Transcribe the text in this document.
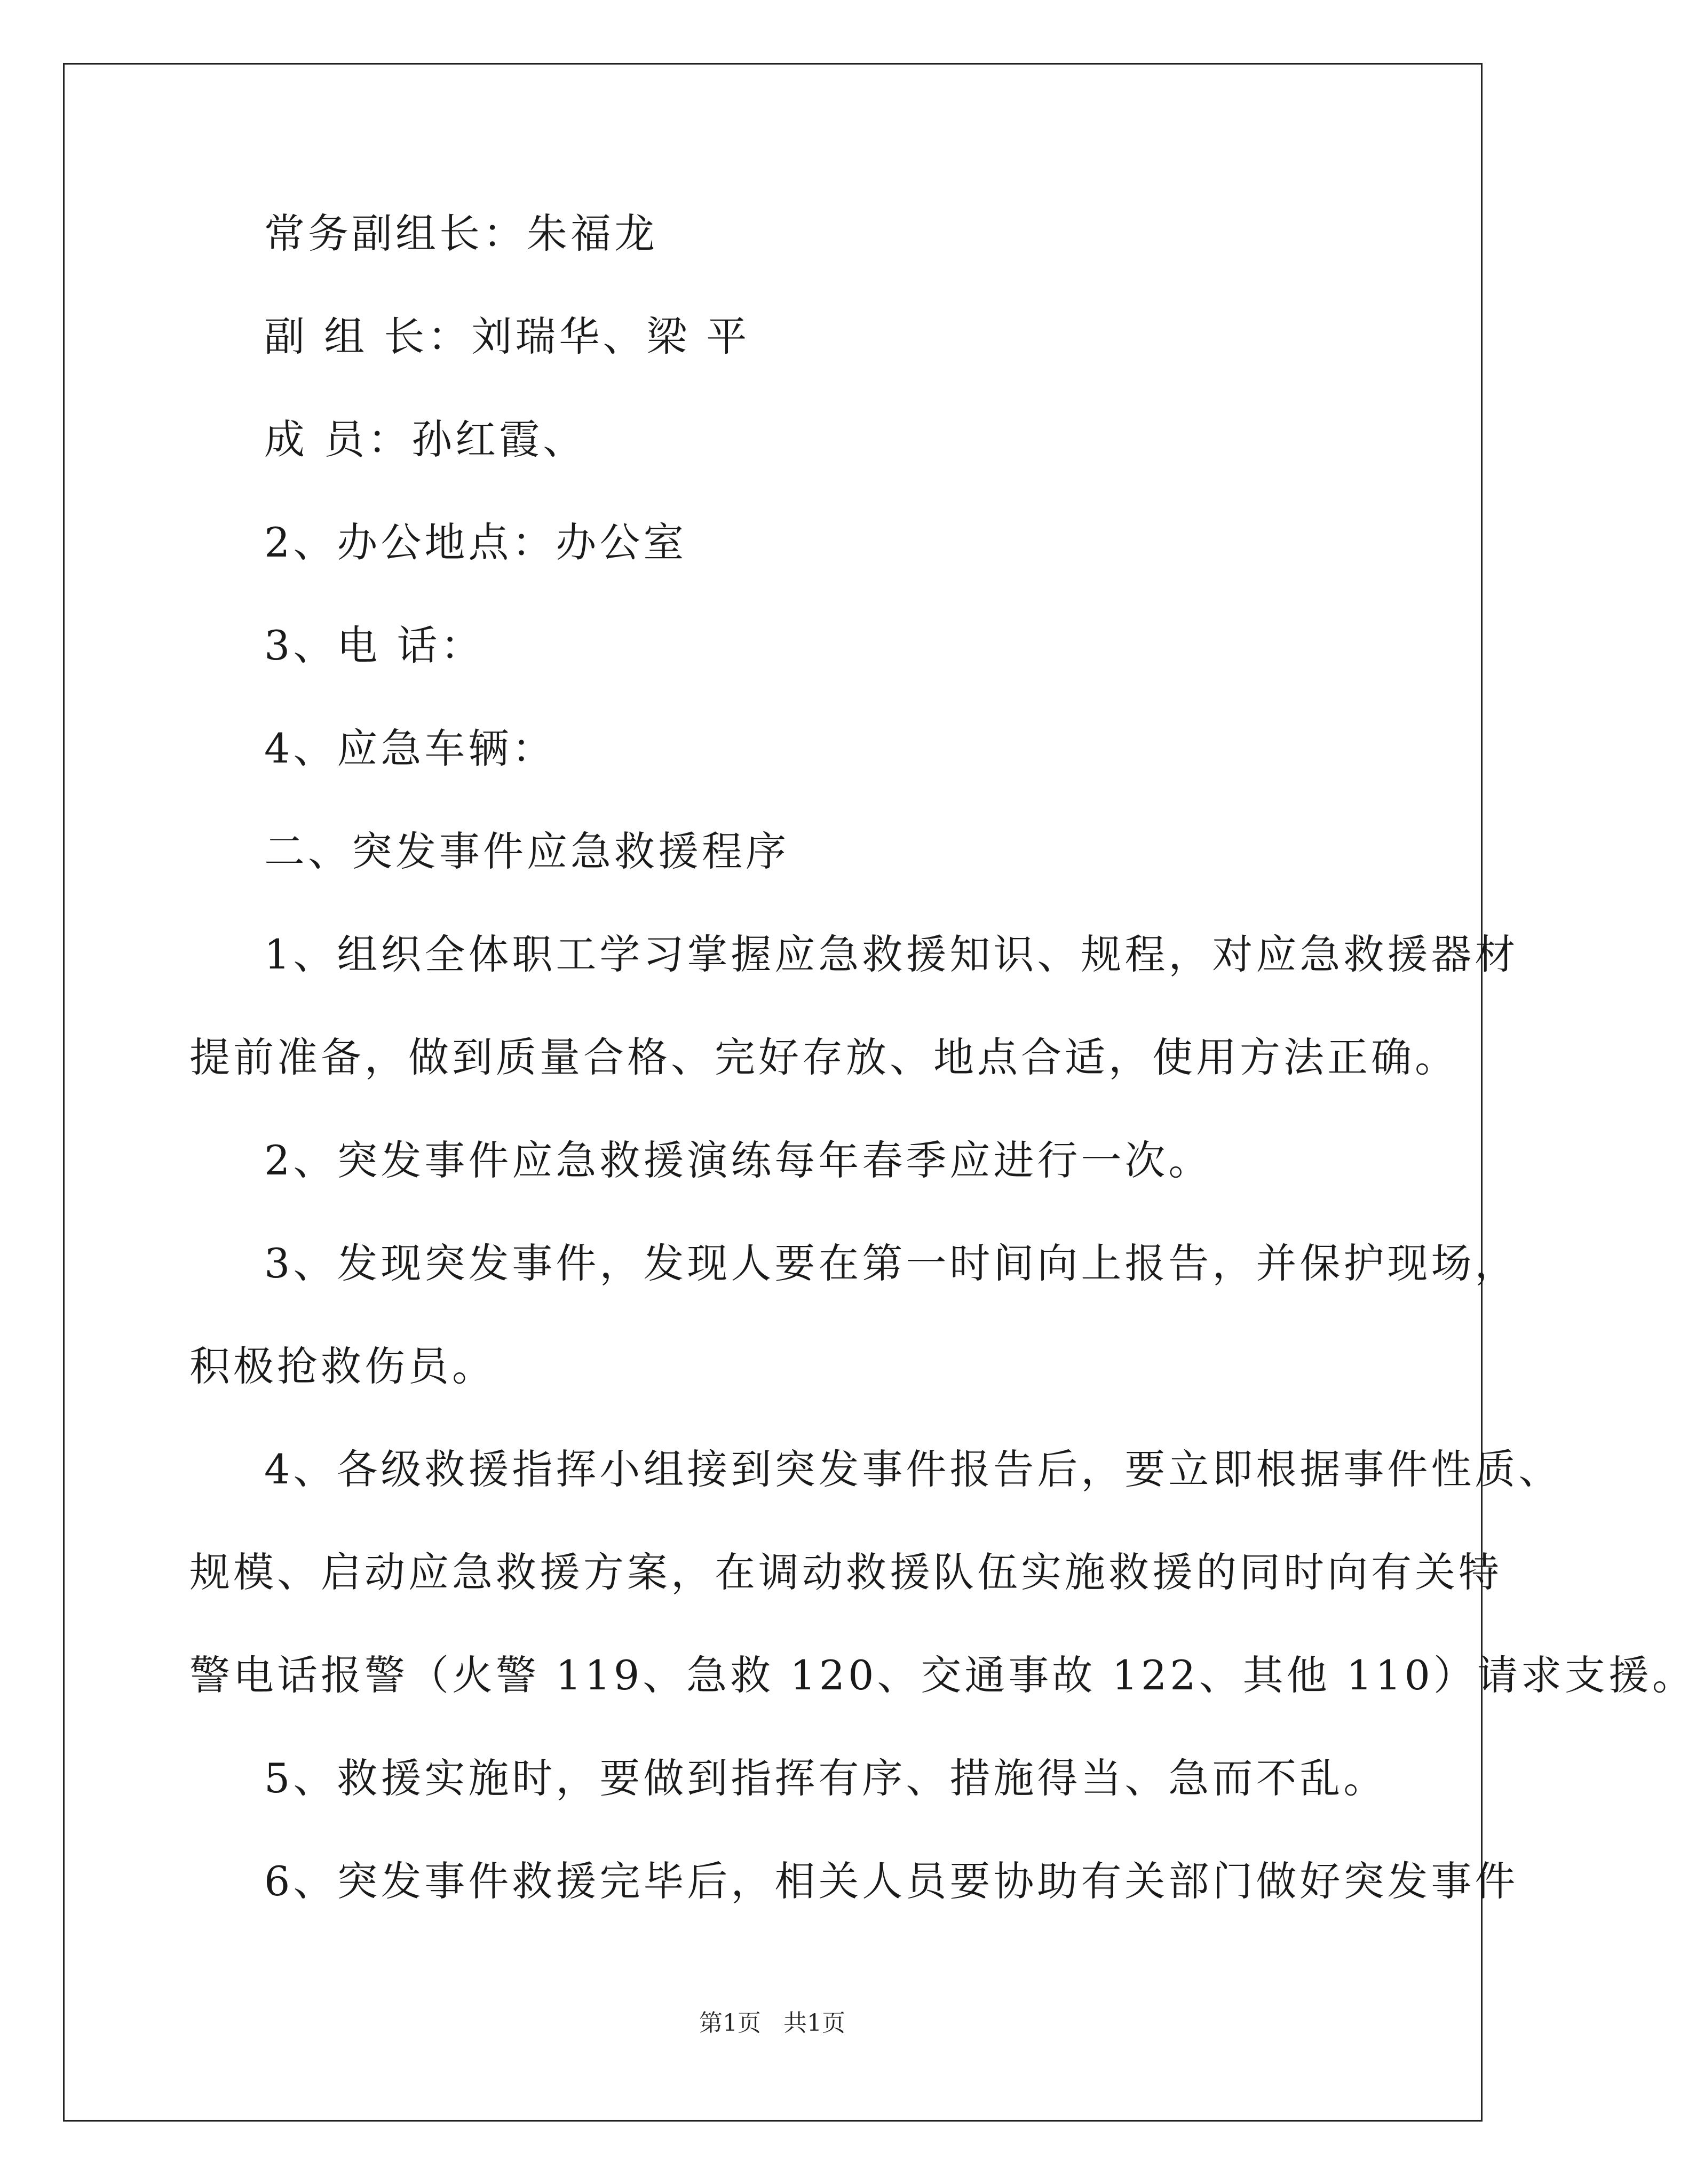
常务副组长：朱福龙
副 组 长：刘瑞华、梁 平
成 员：孙红霞、
2、办公地点：办公室
3、电 话：
4、应急车辆：
二、突发事件应急救援程序
1、组织全体职工学习掌握应急救援知识、规程，对应急救援器材
提前准备，做到质量合格、完好存放、地点合适，使用方法正确。
2、突发事件应急救援演练每年春季应进行一次。
3、发现突发事件，发现人要在第一时间向上报告，并保护现场，
积极抢救伤员。
4、各级救援指挥小组接到突发事件报告后，要立即根据事件性质、
规模、启动应急救援方案，在调动救援队伍实施救援的同时向有关特
警电话报警（火警 119、急救 120、交通事故 122、其他 110）请求支援。
5、救援实施时，要做到指挥有序、措施得当、急而不乱。
6、突发事件救援完毕后，相关人员要协助有关部门做好突发事件
第1页   共1页
